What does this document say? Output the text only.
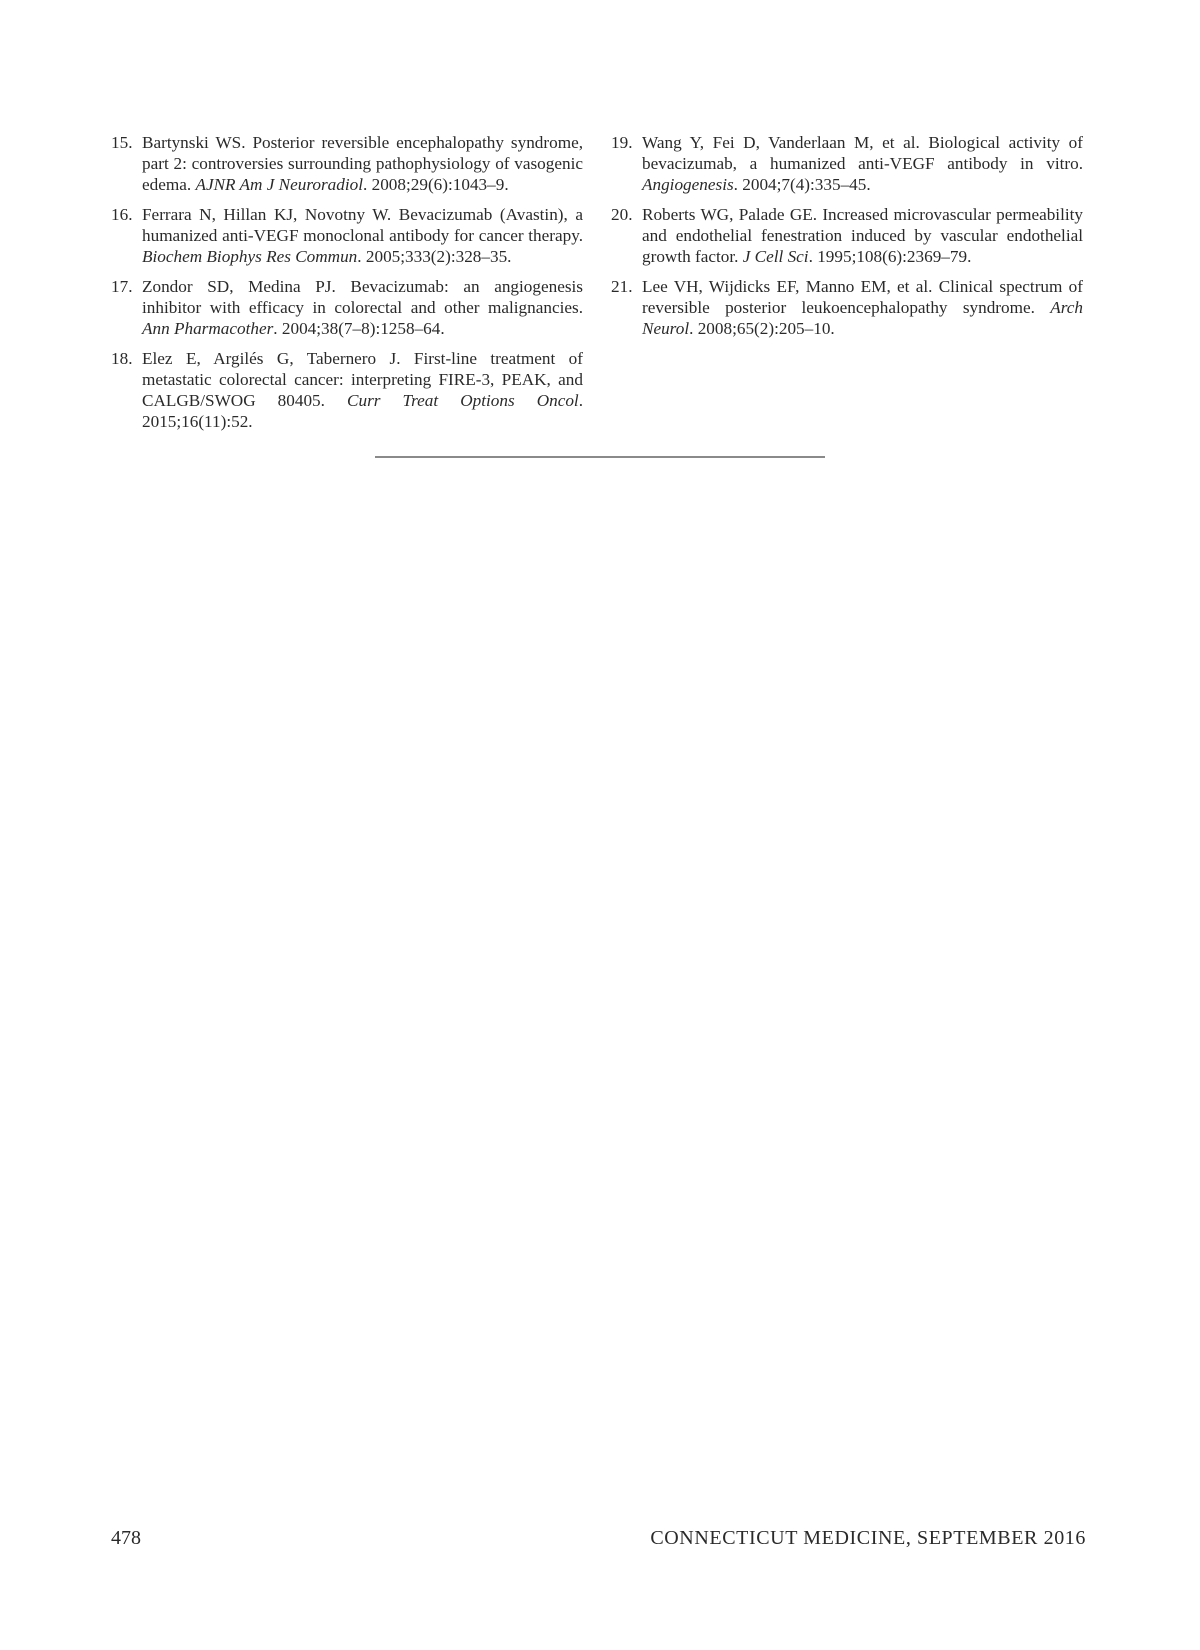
15. Bartynski WS. Posterior reversible encephalopathy syndrome, part 2: controversies surrounding pathophysiology of vasogenic edema. AJNR Am J Neuroradiol. 2008;29(6):1043–9.
16. Ferrara N, Hillan KJ, Novotny W. Bevacizumab (Avastin), a humanized anti-VEGF monoclonal antibody for cancer therapy. Biochem Biophys Res Commun. 2005;333(2):328–35.
17. Zondor SD, Medina PJ. Bevacizumab: an angiogenesis inhibitor with efficacy in colorectal and other malignancies. Ann Pharmacother. 2004;38(7–8):1258–64.
18. Elez E, Argilés G, Tabernero J. First-line treatment of metastatic colorectal cancer: interpreting FIRE-3, PEAK, and CALGB/SWOG 80405. Curr Treat Options Oncol. 2015;16(11):52.
19. Wang Y, Fei D, Vanderlaan M, et al. Biological activity of bevacizumab, a humanized anti-VEGF antibody in vitro. Angiogenesis. 2004;7(4):335–45.
20. Roberts WG, Palade GE. Increased microvascular permeability and endothelial fenestration induced by vascular endothelial growth factor. J Cell Sci. 1995;108(6):2369–79.
21. Lee VH, Wijdicks EF, Manno EM, et al. Clinical spectrum of reversible posterior leukoencephalopathy syndrome. Arch Neurol. 2008;65(2):205–10.
478	CONNECTICUT MEDICINE, SEPTEMBER 2016
